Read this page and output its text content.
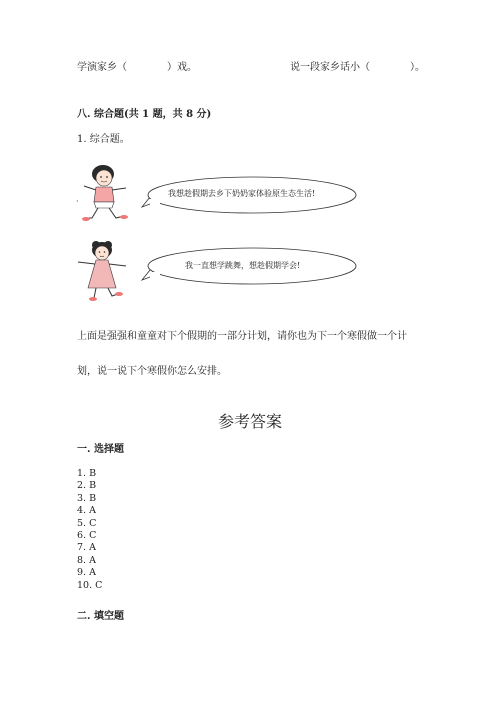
学演家乡（　　　　）戏。	说一段家乡话小（　　　　）。
八. 综合题(共 1 题，共 8 分)
1. 综合题。
·
我想趁假期去乡下奶奶家体验原生态生活!
我一直想学跳舞，想趁假期学会!
上面是强强和童童对下个假期的一部分计划，请你也为下一个寒假做一个计
划，说一说下个寒假你怎么安排。
参考答案
一. 选择题
1. B
2. B
3. B
4. A
5. C
6. C
7. A
8. A
9. A
10. C
二. 填空题
